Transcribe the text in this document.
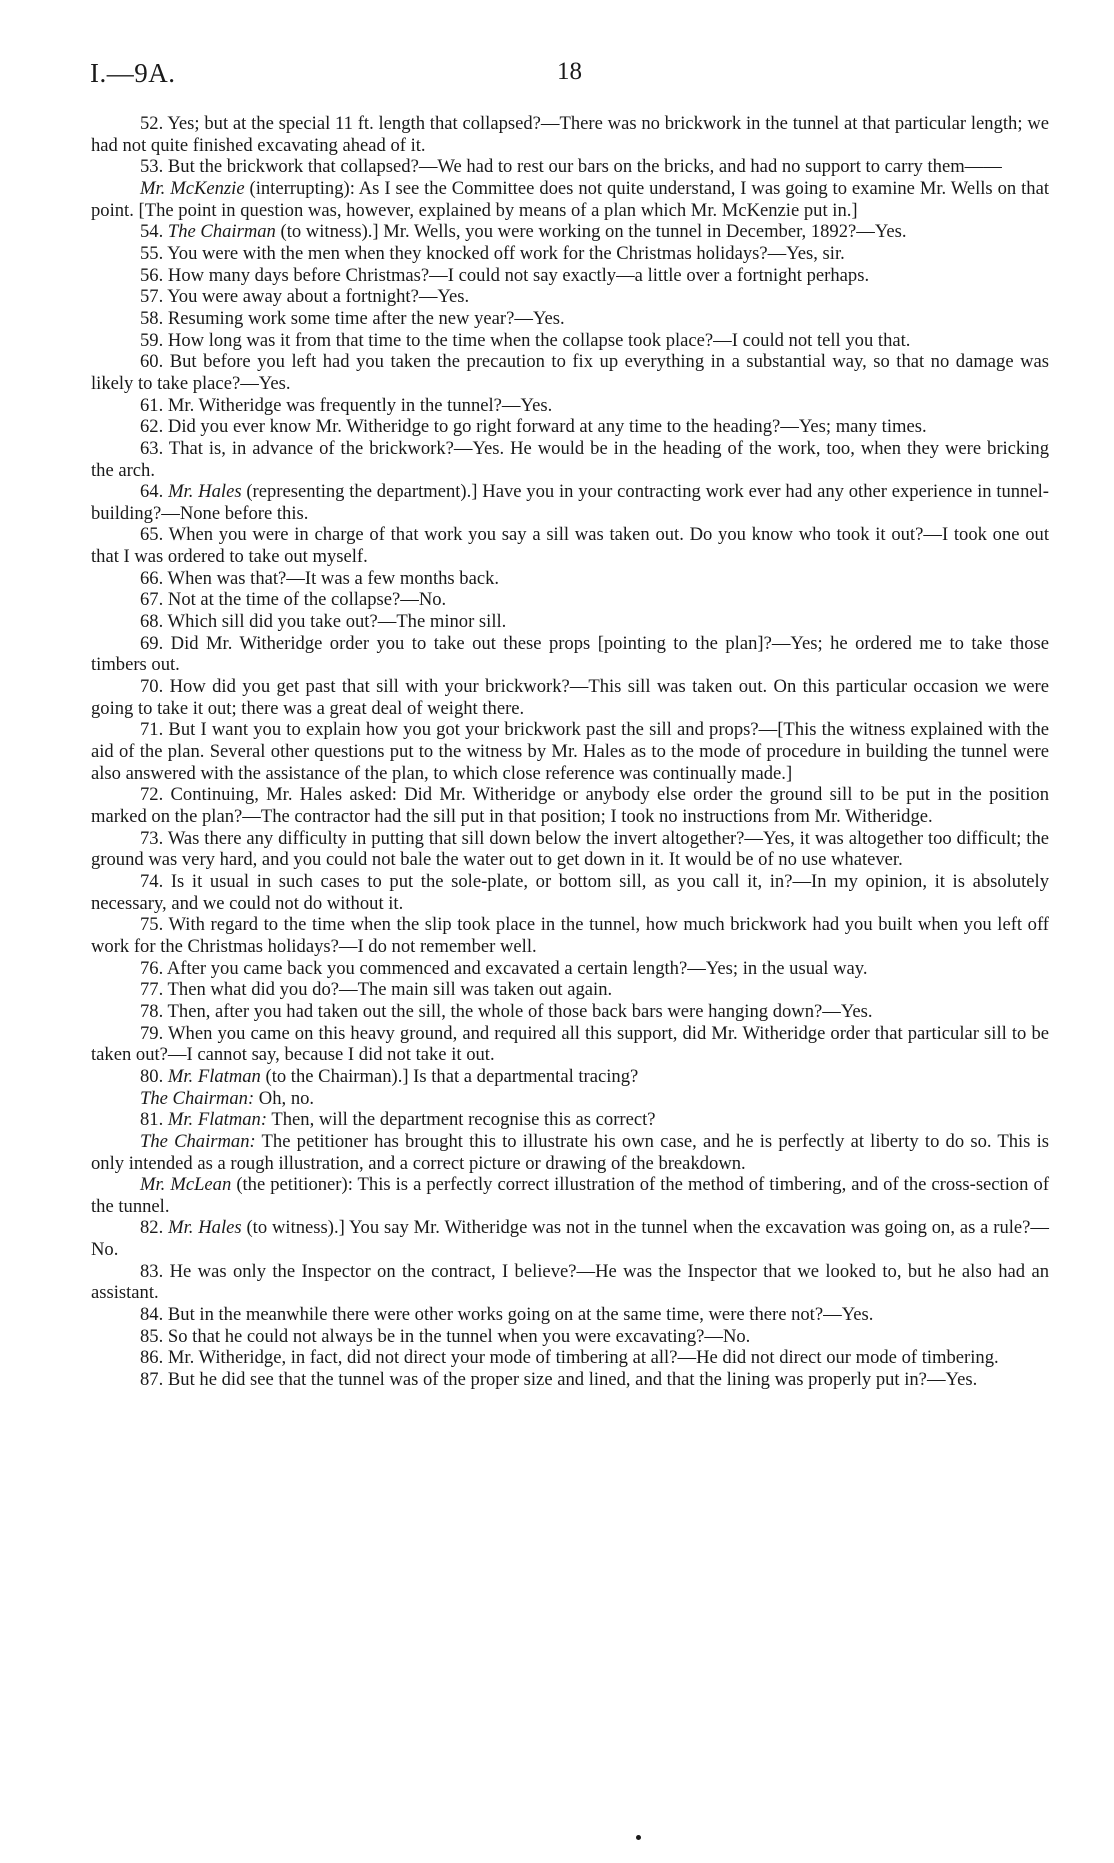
I.—9A.	18

52. Yes; but at the special 11 ft. length that collapsed?—There was no brickwork in the tunnel at that particular length; we had not quite finished excavating ahead of it.

53. But the brickwork that collapsed?—We had to rest our bars on the bricks, and had no support to carry them——

Mr. McKenzie (interrupting): As I see the Committee does not quite understand, I was going to examine Mr. Wells on that point. [The point in question was, however, explained by means of a plan which Mr. McKenzie put in.]

54. The Chairman (to witness).] Mr. Wells, you were working on the tunnel in December, 1892?—Yes.

55. You were with the men when they knocked off work for the Christmas holidays?—Yes, sir.

56. How many days before Christmas?—I could not say exactly—a little over a fortnight perhaps.

57. You were away about a fortnight?—Yes.

58. Resuming work some time after the new year?—Yes.

59. How long was it from that time to the time when the collapse took place?—I could not tell you that.

60. But before you left had you taken the precaution to fix up everything in a substantial way, so that no damage was likely to take place?—Yes.

61. Mr. Witheridge was frequently in the tunnel?—Yes.

62. Did you ever know Mr. Witheridge to go right forward at any time to the heading?—Yes; many times.

63. That is, in advance of the brickwork?—Yes. He would be in the heading of the work, too, when they were bricking the arch.

64. Mr. Hales (representing the department).] Have you in your contracting work ever had any other experience in tunnel-building?—None before this.

65. When you were in charge of that work you say a sill was taken out. Do you know who took it out?—I took one out that I was ordered to take out myself.

66. When was that?—It was a few months back.

67. Not at the time of the collapse?—No.

68. Which sill did you take out?—The minor sill.

69. Did Mr. Witheridge order you to take out these props [pointing to the plan]?—Yes; he ordered me to take those timbers out.

70. How did you get past that sill with your brickwork?—This sill was taken out. On this particular occasion we were going to take it out; there was a great deal of weight there.

71. But I want you to explain how you got your brickwork past the sill and props?—[This the witness explained with the aid of the plan. Several other questions put to the witness by Mr. Hales as to the mode of procedure in building the tunnel were also answered with the assistance of the plan, to which close reference was continually made.]

72. Continuing, Mr. Hales asked: Did Mr. Witheridge or anybody else order the ground sill to be put in the position marked on the plan?—The contractor had the sill put in that position; I took no instructions from Mr. Witheridge.

73. Was there any difficulty in putting that sill down below the invert altogether?—Yes, it was altogether too difficult; the ground was very hard, and you could not bale the water out to get down in it. It would be of no use whatever.

74. Is it usual in such cases to put the sole-plate, or bottom sill, as you call it, in?—In my opinion, it is absolutely necessary, and we could not do without it.

75. With regard to the time when the slip took place in the tunnel, how much brickwork had you built when you left off work for the Christmas holidays?—I do not remember well.

76. After you came back you commenced and excavated a certain length?—Yes; in the usual way.

77. Then what did you do?—The main sill was taken out again.

78. Then, after you had taken out the sill, the whole of those back bars were hanging down?—Yes.

79. When you came on this heavy ground, and required all this support, did Mr. Witheridge order that particular sill to be taken out?—I cannot say, because I did not take it out.

80. Mr. Flatman (to the Chairman).] Is that a departmental tracing?

The Chairman: Oh, no.

81. Mr. Flatman: Then, will the department recognise this as correct?

The Chairman: The petitioner has brought this to illustrate his own case, and he is perfectly at liberty to do so. This is only intended as a rough illustration, and a correct picture or drawing of the breakdown.

Mr. McLean (the petitioner): This is a perfectly correct illustration of the method of timbering, and of the cross-section of the tunnel.

82. Mr. Hales (to witness).] You say Mr. Witheridge was not in the tunnel when the excavation was going on, as a rule?—No.

83. He was only the Inspector on the contract, I believe?—He was the Inspector that we looked to, but he also had an assistant.

84. But in the meanwhile there were other works going on at the same time, were there not?—Yes.

85. So that he could not always be in the tunnel when you were excavating?—No.

86. Mr. Witheridge, in fact, did not direct your mode of timbering at all?—He did not direct our mode of timbering.

87. But he did see that the tunnel was of the proper size and lined, and that the lining was properly put in?—Yes.
